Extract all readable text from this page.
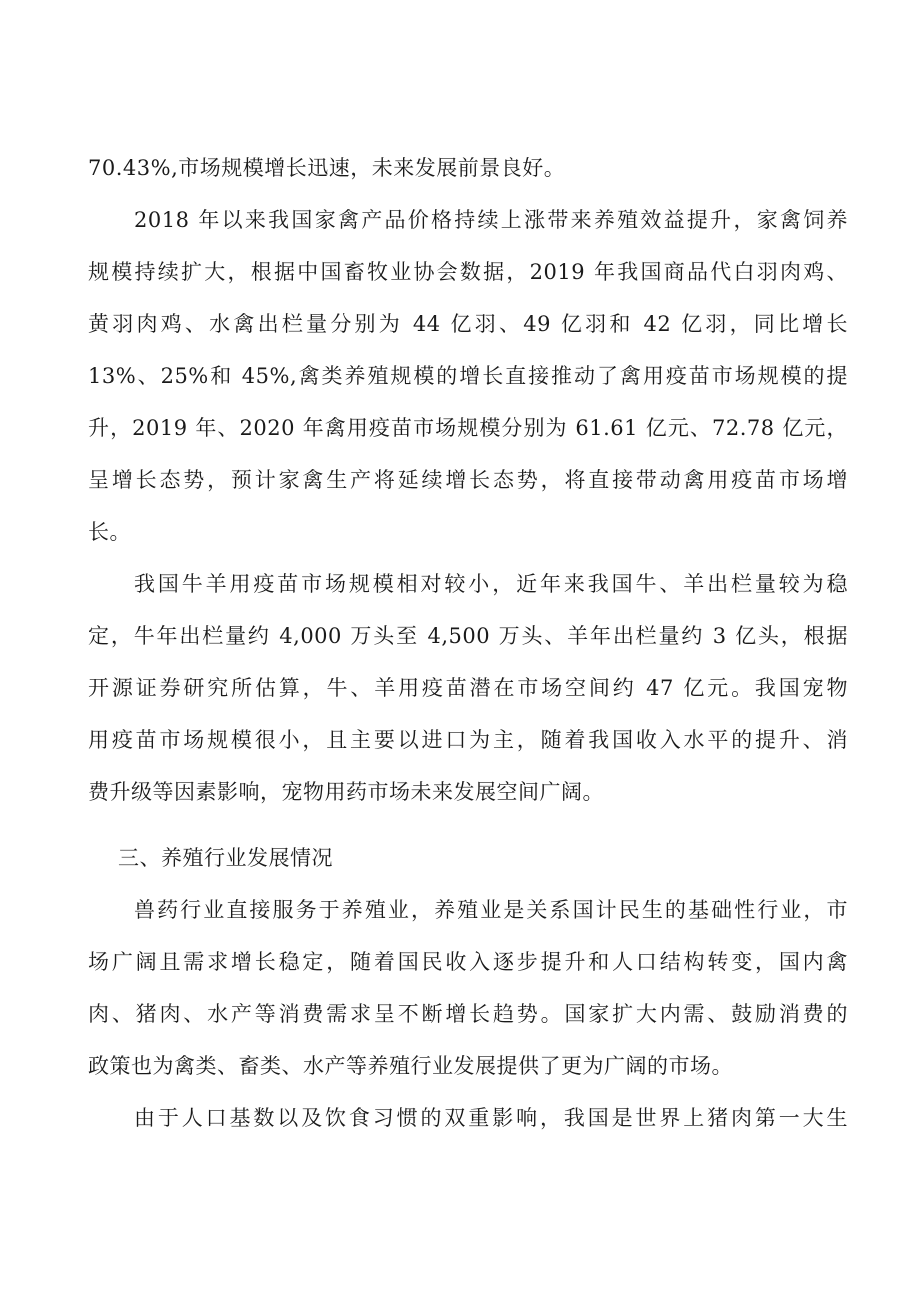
70.43%,市场规模增长迅速，未来发展前景良好。
2018 年以来我国家禽产品价格持续上涨带来养殖效益提升，家禽饲养
规模持续扩大，根据中国畜牧业协会数据，2019 年我国商品代白羽肉鸡、
黄羽肉鸡、水禽出栏量分别为 44 亿羽、49 亿羽和 42 亿羽，同比增长
13%、25%和 45%,禽类养殖规模的增长直接推动了禽用疫苗市场规模的提
升，2019 年、2020 年禽用疫苗市场规模分别为 61.61 亿元、72.78 亿元，
呈增长态势，预计家禽生产将延续增长态势，将直接带动禽用疫苗市场增
长。
我国牛羊用疫苗市场规模相对较小，近年来我国牛、羊出栏量较为稳
定，牛年出栏量约 4,000 万头至 4,500 万头、羊年出栏量约 3 亿头，根据
开源证券研究所估算，牛、羊用疫苗潜在市场空间约 47 亿元。我国宠物
用疫苗市场规模很小，且主要以进口为主，随着我国收入水平的提升、消
费升级等因素影响，宠物用药市场未来发展空间广阔。
三、养殖行业发展情况
兽药行业直接服务于养殖业，养殖业是关系国计民生的基础性行业，市
场广阔且需求增长稳定，随着国民收入逐步提升和人口结构转变，国内禽
肉、猪肉、水产等消费需求呈不断增长趋势。国家扩大内需、鼓励消费的
政策也为禽类、畜类、水产等养殖行业发展提供了更为广阔的市场。
由于人口基数以及饮食习惯的双重影响，我国是世界上猪肉第一大生
